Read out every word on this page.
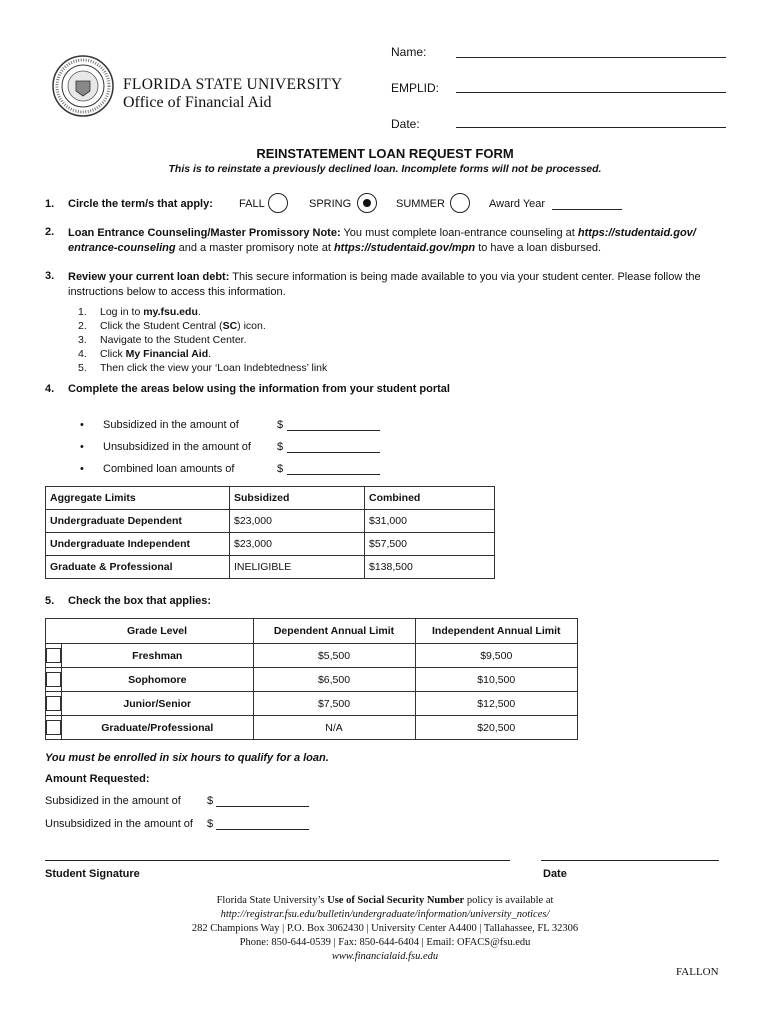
FLORIDA STATE UNIVERSITY
Office of Financial Aid
Name:
EMPLID:
Date:
REINSTATEMENT LOAN REQUEST FORM
This is to reinstate a previously declined loan. Incomplete forms will not be processed.
1. Circle the term/s that apply: FALL	SPRING	SUMMER	Award Year
2. Loan Entrance Counseling/Master Promissory Note: You must complete loan-entrance counseling at https://studentaid.gov/
entrance-counseling and a master promisory note at https://studentaid.gov/mpn to have a loan disbursed.
3. Review your current loan debt: This secure information is being made available to you via your student center. Please follow the
instructions below to access this information.
1. Log in to my.fsu.edu.
2. Click the Student Central (SC) icon.
3. Navigate to the Student Center.
4. Click My Financial Aid.
5. Then click the view your ‘Loan Indebtedness’ link
4. Complete the areas below using the information from your student portal
• Subsidized in the amount of	$
• Unsubsidized in the amount of $
• Combined loan amounts of	$
Aggregate Limits	Subsidized	Combined
Undergraduate Dependent	$23,000	$31,000
Undergraduate Independent	$23,000	$57,500
Graduate & Professional	INELIGIBLE	$138,500
5. Check the box that applies:
	Grade Level	Dependent Annual Limit	Independent Annual Limit
	Freshman	$5,500	$9,500
	Sophomore	$6,500	$10,500
	Junior/Senior	$7,500	$12,500
	Graduate/Professional	N/A	$20,500
You must be enrolled in six hours to qualify for a loan.
Amount Requested:
Subsidized in the amount of $
Unsubsidized in the amount of $
Student Signature	Date
Florida State University’s Use of Social Security Number policy is available at
http://registrar.fsu.edu/bulletin/undergraduate/information/university_notices/
282 Champions Way | P.O. Box 3062430 | University Center A4400 | Tallahassee, FL 32306
Phone: 850-644-0539 | Fax: 850-644-6404 | Email: OFACS@fsu.edu
www.financialaid.fsu.edu
FALLON
